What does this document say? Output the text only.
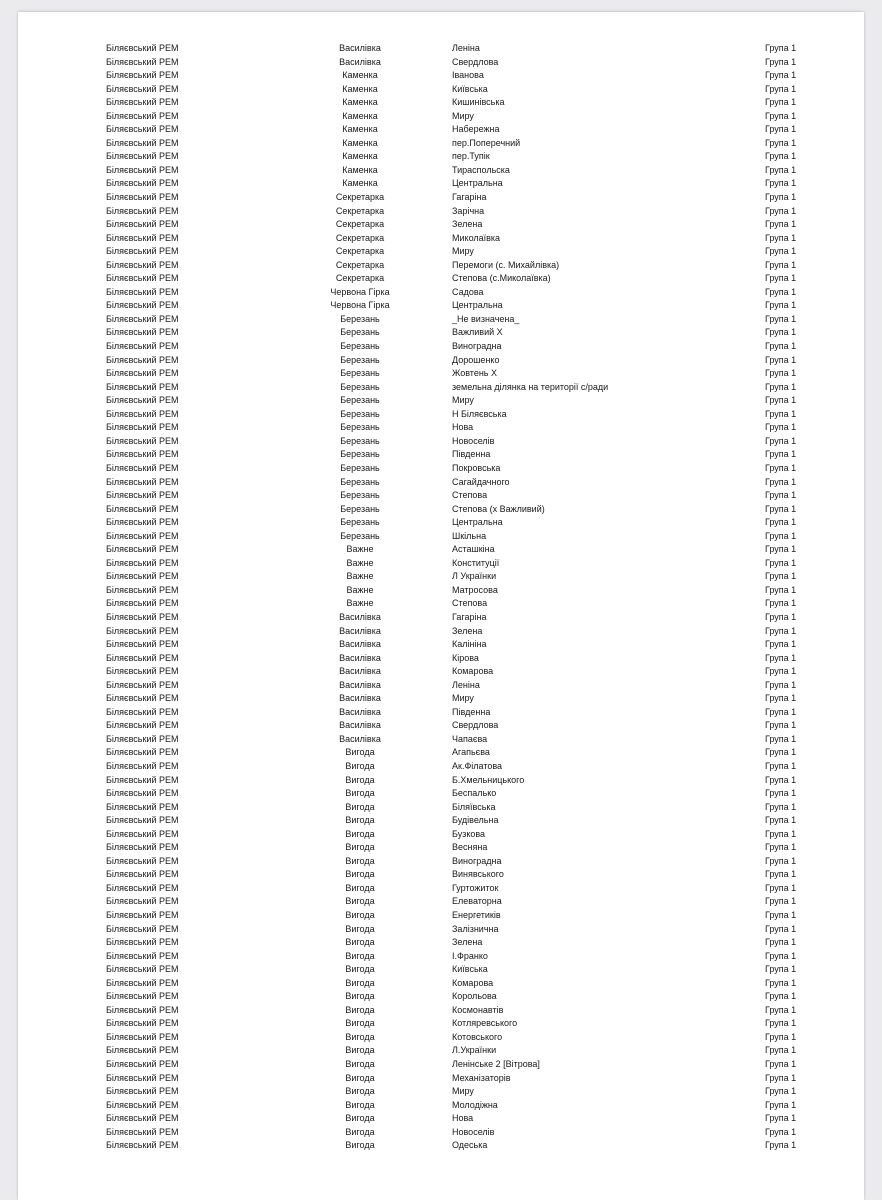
Біляєвський РЕМ	Василівка	Леніна	Група 1
Біляєвський РЕМ	Василівка	Свердлова	Група 1
Біляєвський РЕМ	Каменка	Іванова	Група 1
Біляєвський РЕМ	Каменка	Київська	Група 1
Біляєвський РЕМ	Каменка	Кишинівська	Група 1
Біляєвський РЕМ	Каменка	Миру	Група 1
Біляєвський РЕМ	Каменка	Набережна	Група 1
Біляєвський РЕМ	Каменка	пер.Поперечний	Група 1
Біляєвський РЕМ	Каменка	пер.Тупік	Група 1
Біляєвський РЕМ	Каменка	Тираспольска	Група 1
Біляєвський РЕМ	Каменка	Центральна	Група 1
Біляєвський РЕМ	Секретарка	Гагаріна	Група 1
Біляєвський РЕМ	Секретарка	Зарічна	Група 1
Біляєвський РЕМ	Секретарка	Зелена	Група 1
Біляєвський РЕМ	Секретарка	Миколаївка	Група 1
Біляєвський РЕМ	Секретарка	Миру	Група 1
Біляєвський РЕМ	Секретарка	Перемоги (с. Михайлівка)	Група 1
Біляєвський РЕМ	Секретарка	Степова (с.Миколаївка)	Група 1
Біляєвський РЕМ	Червона Гірка	Садова	Група 1
Біляєвський РЕМ	Червона Гірка	Центральна	Група 1
Біляєвський РЕМ	Березань	_Не визначена_	Група 1
Біляєвський РЕМ	Березань	Важливий Х	Група 1
Біляєвський РЕМ	Березань	Виноградна	Група 1
Біляєвський РЕМ	Березань	Дорошенко	Група 1
Біляєвський РЕМ	Березань	Жовтень Х	Група 1
Біляєвський РЕМ	Березань	земельна ділянка на території с/ради	Група 1
Біляєвський РЕМ	Березань	Миру	Група 1
Біляєвський РЕМ	Березань	Н Біляєвська	Група 1
Біляєвський РЕМ	Березань	Нова	Група 1
Біляєвський РЕМ	Березань	Новоселів	Група 1
Біляєвський РЕМ	Березань	Південна	Група 1
Біляєвський РЕМ	Березань	Покровська	Група 1
Біляєвський РЕМ	Березань	Сагайдачного	Група 1
Біляєвський РЕМ	Березань	Степова	Група 1
Біляєвський РЕМ	Березань	Степова (х Важливий)	Група 1
Біляєвський РЕМ	Березань	Центральна	Група 1
Біляєвський РЕМ	Березань	Шкільна	Група 1
Біляєвський РЕМ	Важне	Асташкіна	Група 1
Біляєвський РЕМ	Важне	Конституції	Група 1
Біляєвський РЕМ	Важне	Л Українки	Група 1
Біляєвський РЕМ	Важне	Матросова	Група 1
Біляєвський РЕМ	Важне	Степова	Група 1
Біляєвський РЕМ	Василівка	Гагаріна	Група 1
Біляєвський РЕМ	Василівка	Зелена	Група 1
Біляєвський РЕМ	Василівка	Калініна	Група 1
Біляєвський РЕМ	Василівка	Кірова	Група 1
Біляєвський РЕМ	Василівка	Комарова	Група 1
Біляєвський РЕМ	Василівка	Леніна	Група 1
Біляєвський РЕМ	Василівка	Миру	Група 1
Біляєвський РЕМ	Василівка	Південна	Група 1
Біляєвський РЕМ	Василівка	Свердлова	Група 1
Біляєвський РЕМ	Василівка	Чапаєва	Група 1
Біляєвський РЕМ	Вигода	Агапьєва	Група 1
Біляєвський РЕМ	Вигода	Ак.Філатова	Група 1
Біляєвський РЕМ	Вигода	Б.Хмельницького	Група 1
Біляєвський РЕМ	Вигода	Беспалько	Група 1
Біляєвський РЕМ	Вигода	Біляївська	Група 1
Біляєвський РЕМ	Вигода	Будівельна	Група 1
Біляєвський РЕМ	Вигода	Бузкова	Група 1
Біляєвський РЕМ	Вигода	Весняна	Група 1
Біляєвський РЕМ	Вигода	Виноградна	Група 1
Біляєвський РЕМ	Вигода	Винявського	Група 1
Біляєвський РЕМ	Вигода	Гуртожиток	Група 1
Біляєвський РЕМ	Вигода	Елеваторна	Група 1
Біляєвський РЕМ	Вигода	Енергетиків	Група 1
Біляєвський РЕМ	Вигода	Залізнична	Група 1
Біляєвський РЕМ	Вигода	Зелена	Група 1
Біляєвський РЕМ	Вигода	І.Франко	Група 1
Біляєвський РЕМ	Вигода	Київська	Група 1
Біляєвський РЕМ	Вигода	Комарова	Група 1
Біляєвський РЕМ	Вигода	Корольова	Група 1
Біляєвський РЕМ	Вигода	Космонавтів	Група 1
Біляєвський РЕМ	Вигода	Котляревського	Група 1
Біляєвський РЕМ	Вигода	Котовського	Група 1
Біляєвський РЕМ	Вигода	Л.Українки	Група 1
Біляєвський РЕМ	Вигода	Ленінське 2 [Вітрова]	Група 1
Біляєвський РЕМ	Вигода	Механізаторів	Група 1
Біляєвський РЕМ	Вигода	Миру	Група 1
Біляєвський РЕМ	Вигода	Молодіжна	Група 1
Біляєвський РЕМ	Вигода	Нова	Група 1
Біляєвський РЕМ	Вигода	Новоселів	Група 1
Біляєвський РЕМ	Вигода	Одеська	Група 1
